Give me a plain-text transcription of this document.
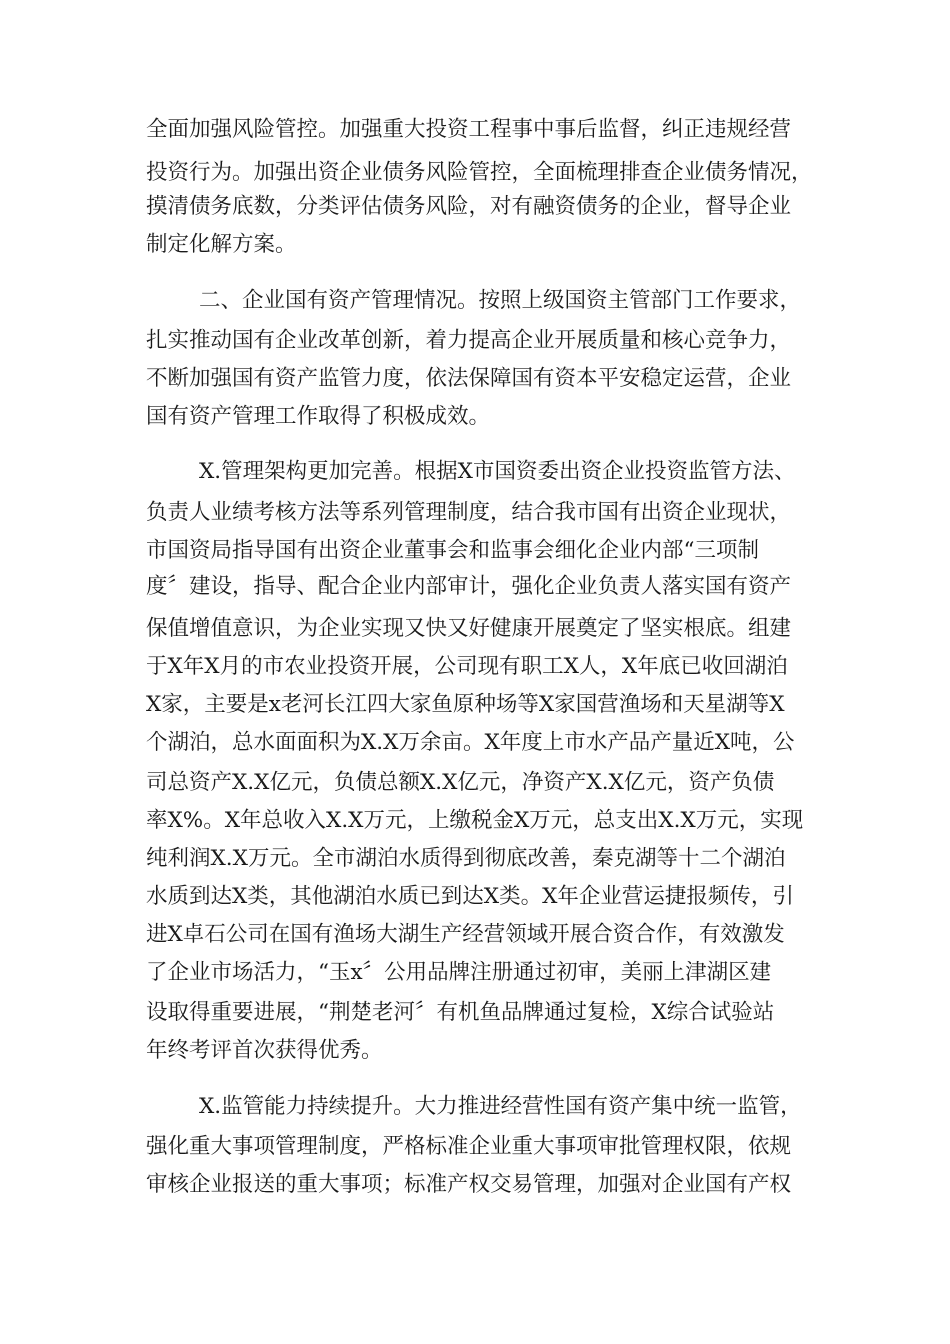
全面加强风险管控。加强重大投资工程事中事后监督，纠正违规经营

投资行为。加强出资企业债务风险管控，全面梳理排查企业债务情况，

摸清债务底数，分类评估债务风险，对有融资债务的企业，督导企业

制定化解方案。

二、企业国有资产管理情况。按照上级国资主管部门工作要求，

扎实推动国有企业改革创新，着力提高企业开展质量和核心竞争力，

不断加强国有资产监管力度，依法保障国有资本平安稳定运营，企业

国有资产管理工作取得了积极成效。

X.管理架构更加完善。根据X市国资委出资企业投资监管方法、

负责人业绩考核方法等系列管理制度，结合我市国有出资企业现状，

市国资局指导国有出资企业董事会和监事会细化企业内部“三项制

度〞建设，指导、配合企业内部审计，强化企业负责人落实国有资产

保值增值意识，为企业实现又快又好健康开展奠定了坚实根底。组建

于X年X月的市农业投资开展，公司现有职工X人，X年底已收回湖泊

X家，主要是x老河长江四大家鱼原种场等X家国营渔场和天星湖等X

个湖泊，总水面面积为X.X万余亩。X年度上市水产品产量近X吨，公

司总资产X.X亿元，负债总额X.X亿元，净资产X.X亿元，资产负债

率X%。X年总收入X.X万元，上缴税金X万元，总支出X.X万元，实现

纯利润X.X万元。全市湖泊水质得到彻底改善，秦克湖等十二个湖泊

水质到达X类，其他湖泊水质已到达X类。X年企业营运捷报频传，引

进X卓石公司在国有渔场大湖生产经营领域开展合资合作，有效激发

了企业市场活力，“玉x〞公用品牌注册通过初审，美丽上津湖区建

设取得重要进展，“荆楚老河〞有机鱼品牌通过复检，X综合试验站

年终考评首次获得优秀。

X.监管能力持续提升。大力推进经营性国有资产集中统一监管，

强化重大事项管理制度，严格标准企业重大事项审批管理权限，依规

审核企业报送的重大事项；标准产权交易管理，加强对企业国有产权
